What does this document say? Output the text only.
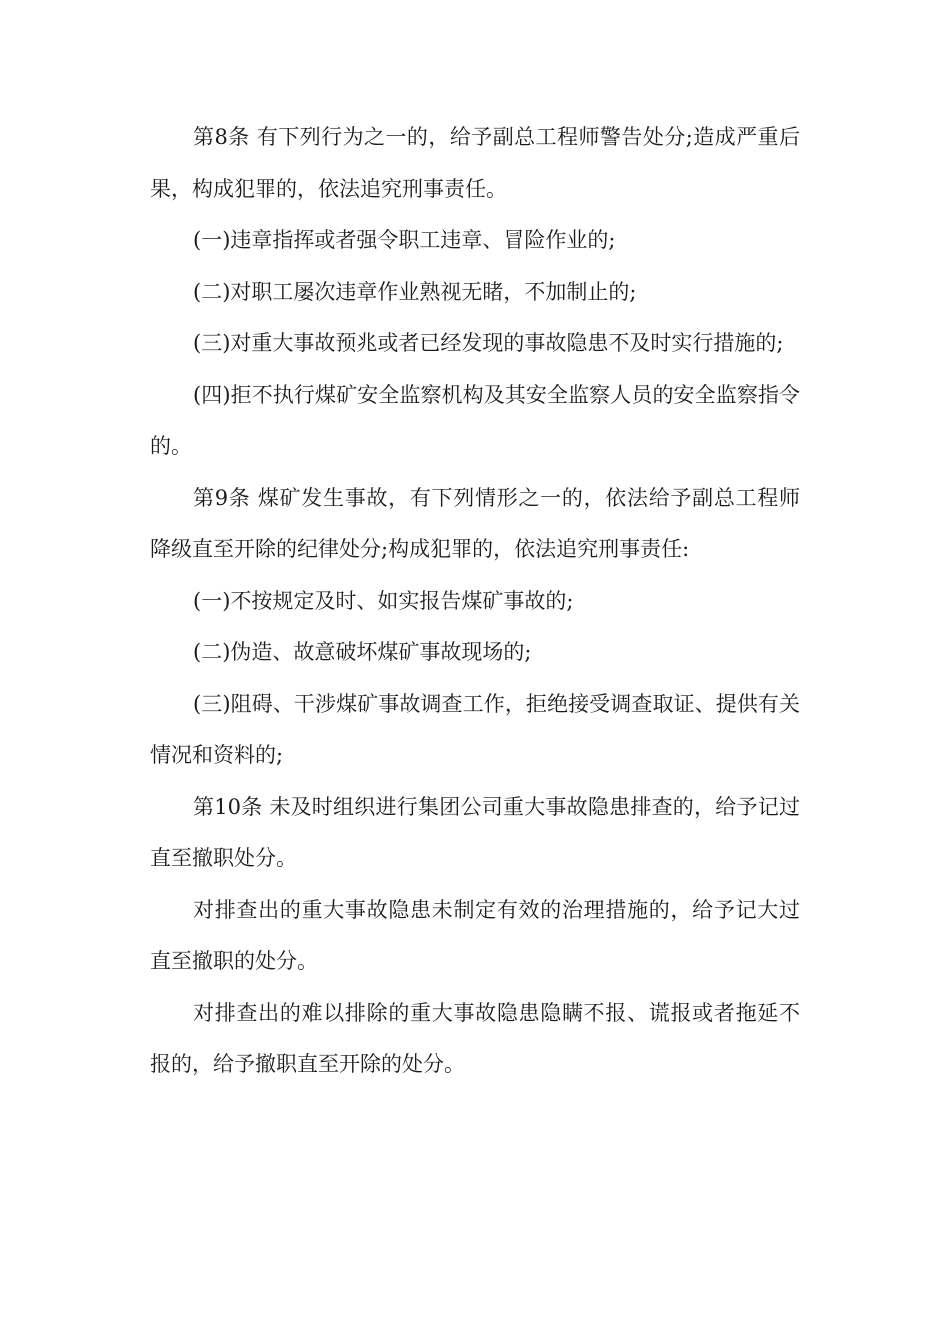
第8条 有下列行为之一的，给予副总工程师警告处分;造成严重后果，构成犯罪的，依法追究刑事责任。

(一)违章指挥或者强令职工违章、冒险作业的;

(二)对职工屡次违章作业熟视无睹，不加制止的;

(三)对重大事故预兆或者已经发现的事故隐患不及时实行措施的;

(四)拒不执行煤矿安全监察机构及其安全监察人员的安全监察指令的。

第9条 煤矿发生事故，有下列情形之一的，依法给予副总工程师降级直至开除的纪律处分;构成犯罪的，依法追究刑事责任:

(一)不按规定及时、如实报告煤矿事故的;

(二)伪造、故意破坏煤矿事故现场的;

(三)阻碍、干涉煤矿事故调查工作，拒绝接受调查取证、提供有关情况和资料的;

第10条 未及时组织进行集团公司重大事故隐患排查的，给予记过直至撤职处分。

对排查出的重大事故隐患未制定有效的治理措施的，给予记大过直至撤职的处分。

对排查出的难以排除的重大事故隐患隐瞒不报、谎报或者拖延不报的，给予撤职直至开除的处分。
